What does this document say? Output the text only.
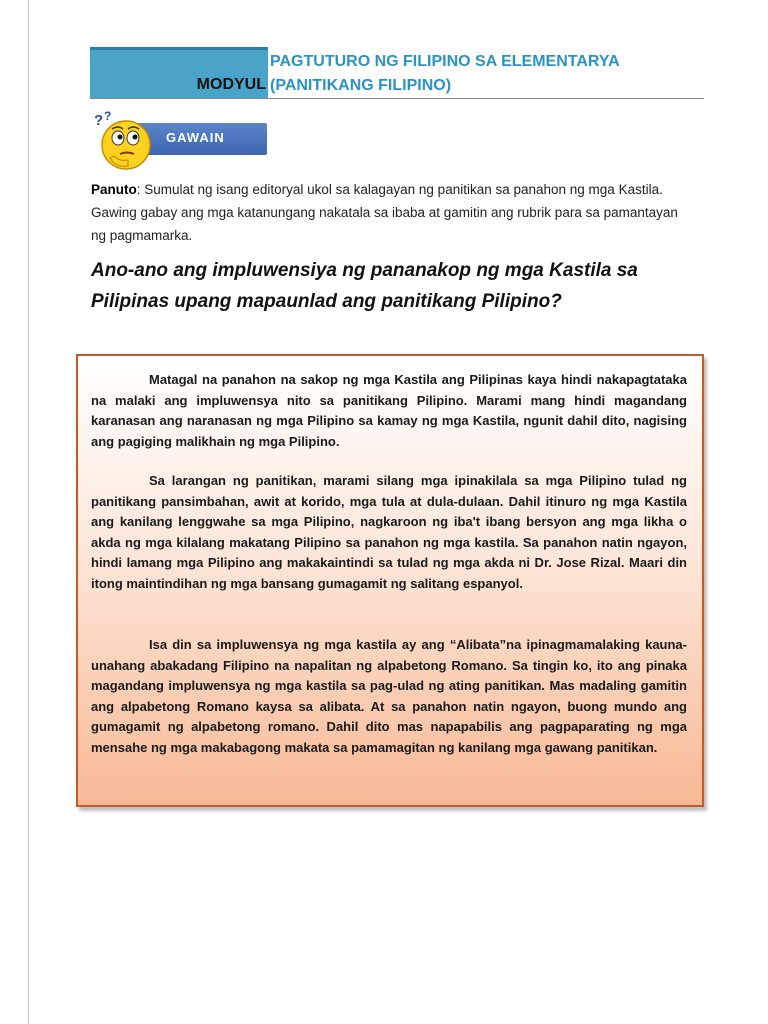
MODYUL
PAGTUTURO NG FILIPINO SA ELEMENTARYA
(PANITIKANG FILIPINO)
GAWAIN
? ?
Panuto: Sumulat ng isang editoryal ukol sa kalagayan ng panitikan sa panahon ng mga Kastila. Gawing gabay ang mga katanungang nakatala sa ibaba at gamitin ang rubrik para sa pamantayan ng pagmamarka.
Ano-ano ang impluwensiya ng pananakop ng mga Kastila sa Pilipinas upang mapaunlad ang panitikang Pilipino?

Matagal na panahon na sakop ng mga Kastila ang Pilipinas kaya hindi nakapagtataka na malaki ang impluwensya nito sa panitikang Pilipino. Marami mang hindi magandang karanasan ang naranasan ng mga Pilipino sa kamay ng mga Kastila, ngunit dahil dito, nagising ang pagiging malikhain ng mga Pilipino.

Sa larangan ng panitikan, marami silang mga ipinakilala sa mga Pilipino tulad ng panitikang pansimbahan, awit at korido, mga tula at dula-dulaan. Dahil itinuro ng mga Kastila ang kanilang lenggwahe sa mga Pilipino, nagkaroon ng iba't ibang bersyon ang mga likha o akda ng mga kilalang makatang Pilipino sa panahon ng mga kastila. Sa panahon natin ngayon, hindi lamang mga Pilipino ang makakaintindi sa tulad ng mga akda ni Dr. Jose Rizal. Maari din itong maintindihan ng mga bansang gumagamit ng salitang espanyol.

Isa din sa impluwensya ng mga kastila ay ang “Alibata”na ipinagmamalaking kauna-unahang abakadang Filipino na napalitan ng alpabetong Romano. Sa tingin ko, ito ang pinaka magandang impluwensya ng mga kastila sa pag-ulad ng ating panitikan. Mas madaling gamitin ang alpabetong Romano kaysa sa alibata. At sa panahon natin ngayon, buong mundo ang gumagamit ng alpabetong romano. Dahil dito mas napapabilis ang pagpaparating ng mga mensahe ng mga makabagong makata sa pamamagitan ng kanilang mga gawang panitikan.
